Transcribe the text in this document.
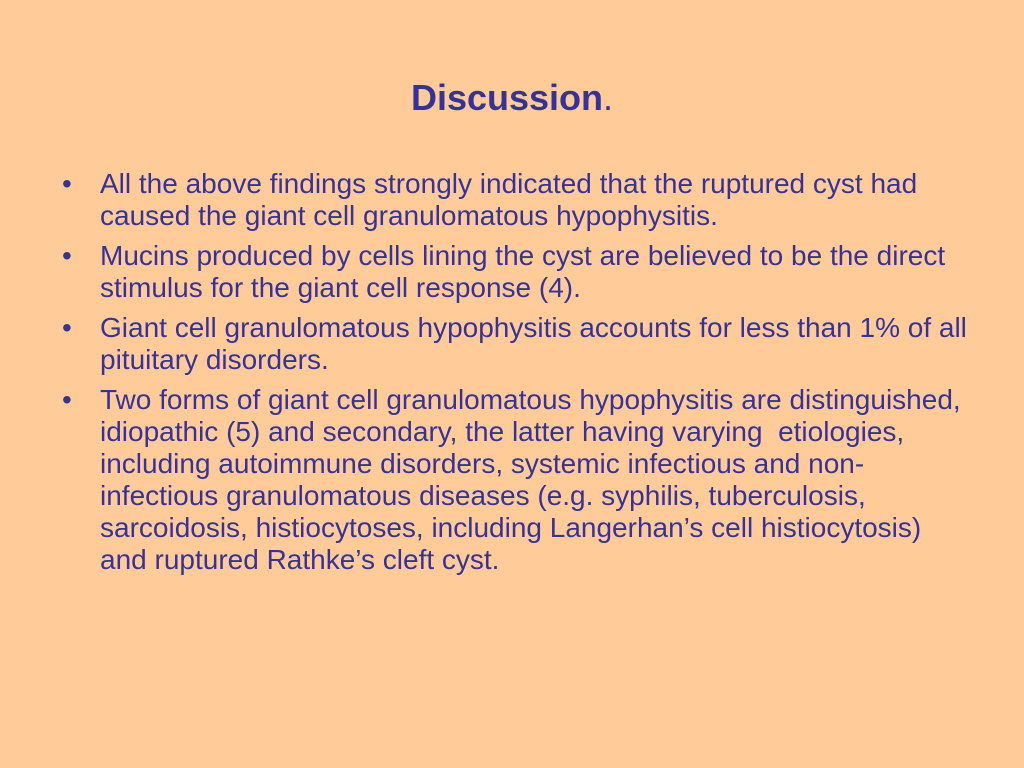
Discussion.
•	All the above findings strongly indicated that the ruptured cyst had caused the giant cell granulomatous hypophysitis.
•	Mucins produced by cells lining the cyst are believed to be the direct stimulus for the giant cell response (4).
•	Giant cell granulomatous hypophysitis accounts for less than 1% of all pituitary disorders.
•	Two forms of giant cell granulomatous hypophysitis are distinguished, idiopathic (5) and secondary, the latter having varying  etiologies, including autoimmune disorders, systemic infectious and non-infectious granulomatous diseases (e.g. syphilis, tuberculosis, sarcoidosis, histiocytoses, including Langerhan’s cell histiocytosis) and ruptured Rathke’s cleft cyst.
